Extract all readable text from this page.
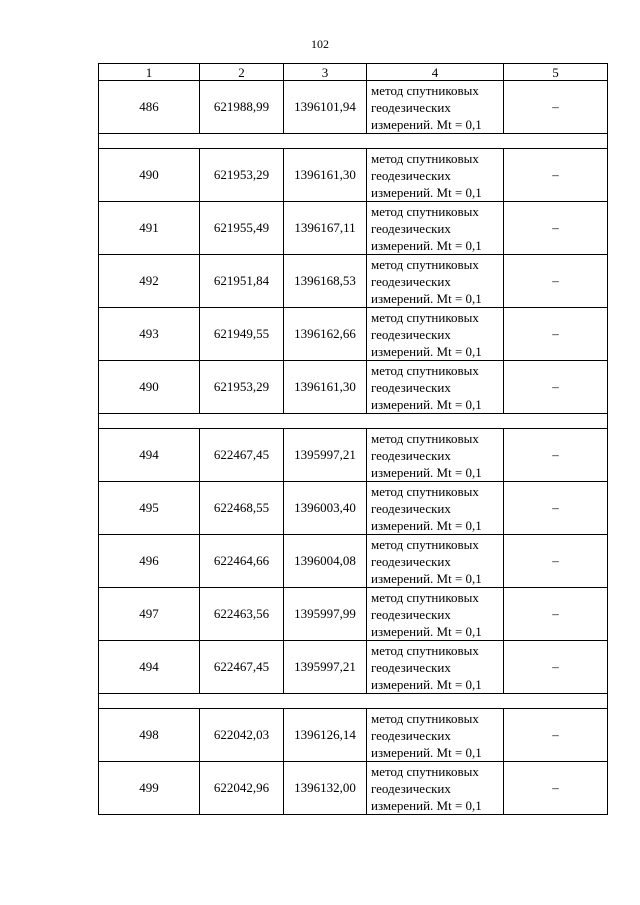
102
1	2	3	4	5
486	621988,99	1396101,94	метод спутниковых
геодезических
измерений. Mt = 0,1	–

490	621953,29	1396161,30	метод спутниковых
геодезических
измерений. Mt = 0,1	–
491	621955,49	1396167,11	метод спутниковых
геодезических
измерений. Mt = 0,1	–
492	621951,84	1396168,53	метод спутниковых
геодезических
измерений. Mt = 0,1	–
493	621949,55	1396162,66	метод спутниковых
геодезических
измерений. Mt = 0,1	–
490	621953,29	1396161,30	метод спутниковых
геодезических
измерений. Mt = 0,1	–

494	622467,45	1395997,21	метод спутниковых
геодезических
измерений. Mt = 0,1	–
495	622468,55	1396003,40	метод спутниковых
геодезических
измерений. Mt = 0,1	–
496	622464,66	1396004,08	метод спутниковых
геодезических
измерений. Mt = 0,1	–
497	622463,56	1395997,99	метод спутниковых
геодезических
измерений. Mt = 0,1	–
494	622467,45	1395997,21	метод спутниковых
геодезических
измерений. Mt = 0,1	–

498	622042,03	1396126,14	метод спутниковых
геодезических
измерений. Mt = 0,1	–
499	622042,96	1396132,00	метод спутниковых
геодезических
измерений. Mt = 0,1	–
